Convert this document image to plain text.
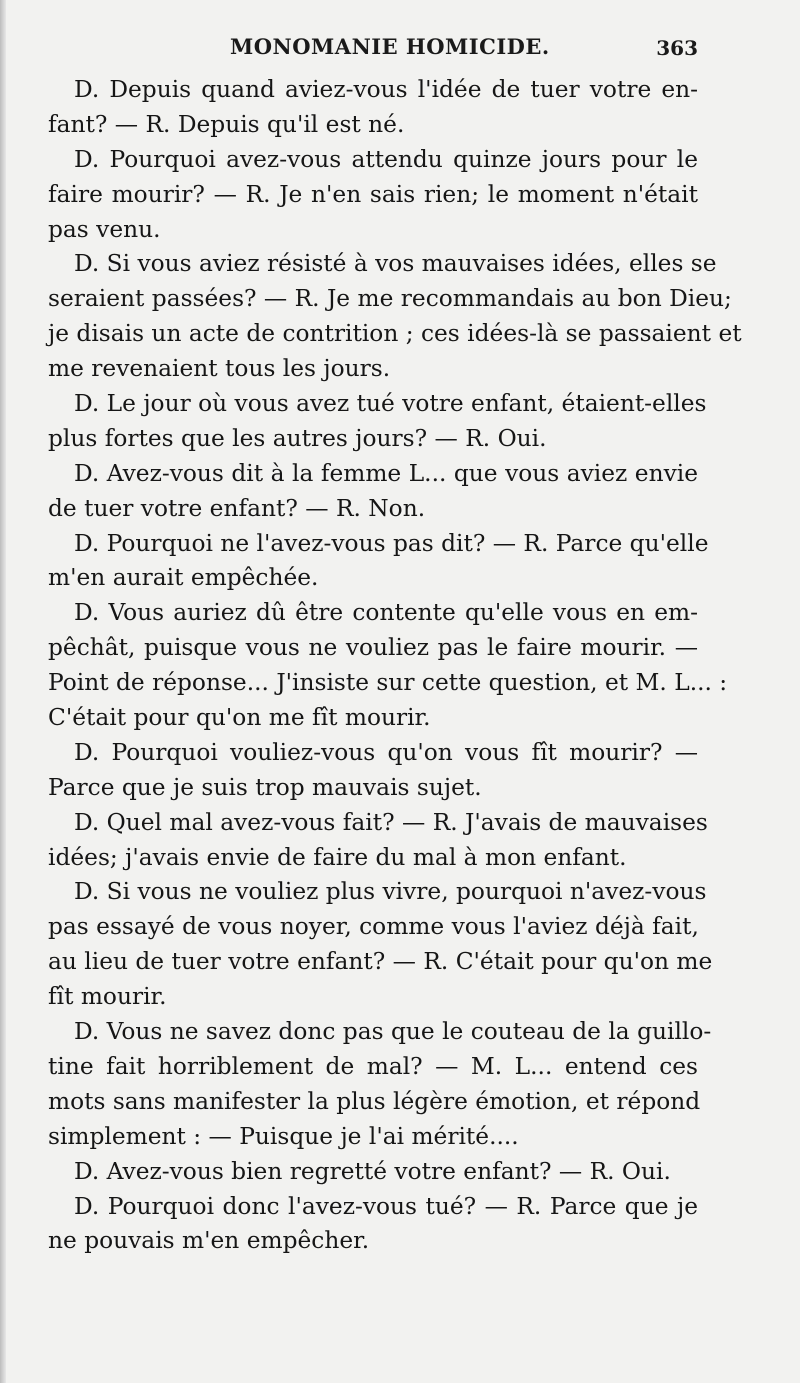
MONOMANIE HOMICIDE.	363
D. Depuis quand aviez-vous l'idée de tuer votre en-
fant? — R. Depuis qu'il est né.
D. Pourquoi avez-vous attendu quinze jours pour le
faire mourir? — R. Je n'en sais rien; le moment n'était
pas venu.
D. Si vous aviez résisté à vos mauvaises idées, elles se
seraient passées? — R. Je me recommandais au bon Dieu;
je disais un acte de contrition ; ces idées-là se passaient et
me revenaient tous les jours.
D. Le jour où vous avez tué votre enfant, étaient-elles
plus fortes que les autres jours? — R. Oui.
D. Avez-vous dit à la femme L... que vous aviez envie
de tuer votre enfant? — R. Non.
D. Pourquoi ne l'avez-vous pas dit? — R. Parce qu'elle
m'en aurait empêchée.
D. Vous auriez dû être contente qu'elle vous en em-
pêchât, puisque vous ne vouliez pas le faire mourir. —
Point de réponse... J'insiste sur cette question, et M. L... :
C'était pour qu'on me fît mourir.
D. Pourquoi vouliez-vous qu'on vous fît mourir? —
Parce que je suis trop mauvais sujet.
D. Quel mal avez-vous fait? — R. J'avais de mauvaises
idées; j'avais envie de faire du mal à mon enfant.
D. Si vous ne vouliez plus vivre, pourquoi n'avez-vous
pas essayé de vous noyer, comme vous l'aviez déjà fait,
au lieu de tuer votre enfant? — R. C'était pour qu'on me
fît mourir.
D. Vous ne savez donc pas que le couteau de la guillo-
tine fait horriblement de mal? — M. L... entend ces
mots sans manifester la plus légère émotion, et répond
simplement : — Puisque je l'ai mérité....
D. Avez-vous bien regretté votre enfant? — R. Oui.
D. Pourquoi donc l'avez-vous tué? — R. Parce que je
ne pouvais m'en empêcher.
